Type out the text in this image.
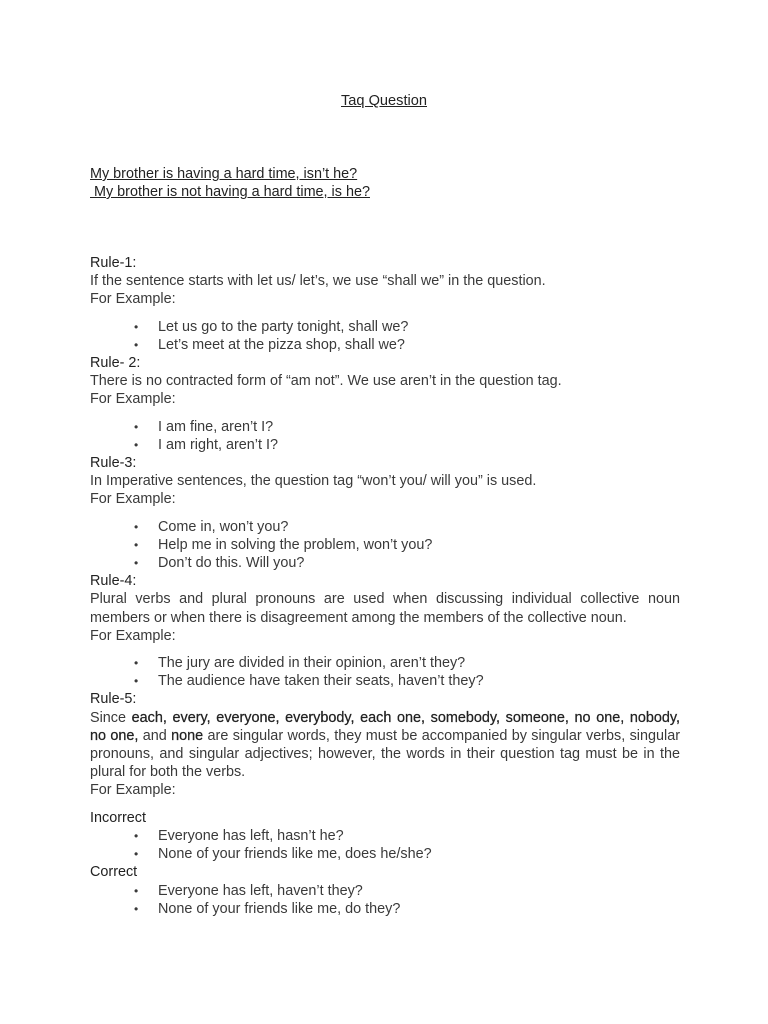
Taq Question
My brother is having a hard time, isn’t he?
My brother is not having a hard time, is he?
Rule-1:
If the sentence starts with let us/ let’s, we use “shall we” in the question.
For Example:
• Let us go to the party tonight, shall we?
• Let’s meet at the pizza shop, shall we?
Rule- 2:
There is no contracted form of “am not”. We use aren’t in the question tag.
For Example:
• I am fine, aren’t I?
• I am right, aren’t I?
Rule-3:
In Imperative sentences, the question tag “won’t you/ will you” is used.
For Example:
• Come in, won’t you?
• Help me in solving the problem, won’t you?
• Don’t do this. Will you?
Rule-4:
Plural verbs and plural pronouns are used when discussing individual collective noun members or when there is disagreement among the members of the collective noun.
For Example:
• The jury are divided in their opinion, aren’t they?
• The audience have taken their seats, haven’t they?
Rule-5:
Since each, every, everyone, everybody, each one, somebody, someone, no one, nobody, no one, and none are singular words, they must be accompanied by singular verbs, singular pronouns, and singular adjectives; however, the words in their question tag must be in the plural for both the verbs.
For Example:
Incorrect
• Everyone has left, hasn’t he?
• None of your friends like me, does he/she?
Correct
• Everyone has left, haven’t they?
• None of your friends like me, do they?
